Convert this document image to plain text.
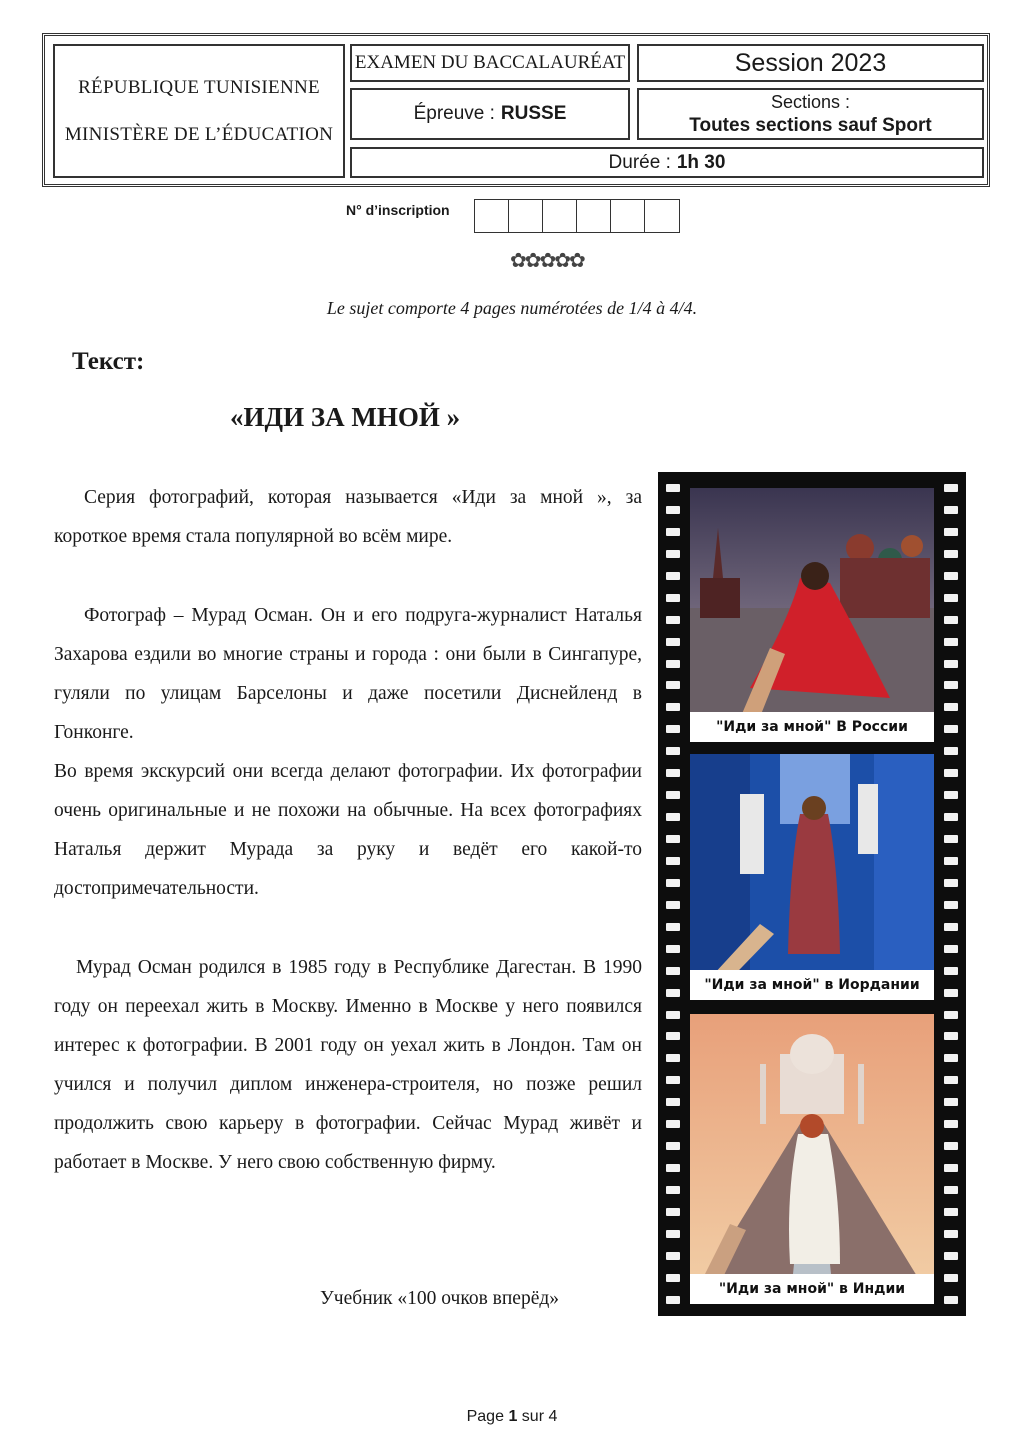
RÉPUBLIQUE TUNISIENNE
MINISTÈRE DE L’ÉDUCATION
EXAMEN DU BACCALAURÉAT	Session 2023
Épreuve : RUSSE
Sections :
Toutes sections sauf Sport
Durée : 1h 30
N° d’inscription
✿✿✿✿✿
Le sujet comporte 4 pages numérotées de 1/4 à 4/4.
Текст:
«ИДИ ЗА МНОЙ »

Серия фотографий, которая называется «Иди за мной », за короткое время стала популярной во всём мире.

Фотограф – Мурад Осман. Он и его подруга-журналист Наталья Захарова ездили во многие страны и города : они были в Сингапуре, гуляли по улицам Барселоны и даже посетили Диснейленд в Гонконге.

Во время экскурсий они всегда делают фотографии. Их фотографии очень оригинальные и не похожи на обычные. На всех фотографиях Наталья держит Мурада за руку и ведёт его какой-то достопримечательности.

Мурад Осман родился в 1985 году в Республике Дагестан. В 1990 году он переехал жить в Москву. Именно в Москве у него появился интерес к фотографии. В 2001 году он уехал жить в Лондон. Там он учился и получил диплом инженера-строителя, но позже решил продолжить свою карьеру в фотографии. Сейчас Мурад живёт и работает в Москве. У него свою собственную фирму.

Учебник «100 очков вперёд»
"Иди за мной" В России
"Иди за мной" в Иордании
"Иди за мной" в Индии
Page 1 sur 4
